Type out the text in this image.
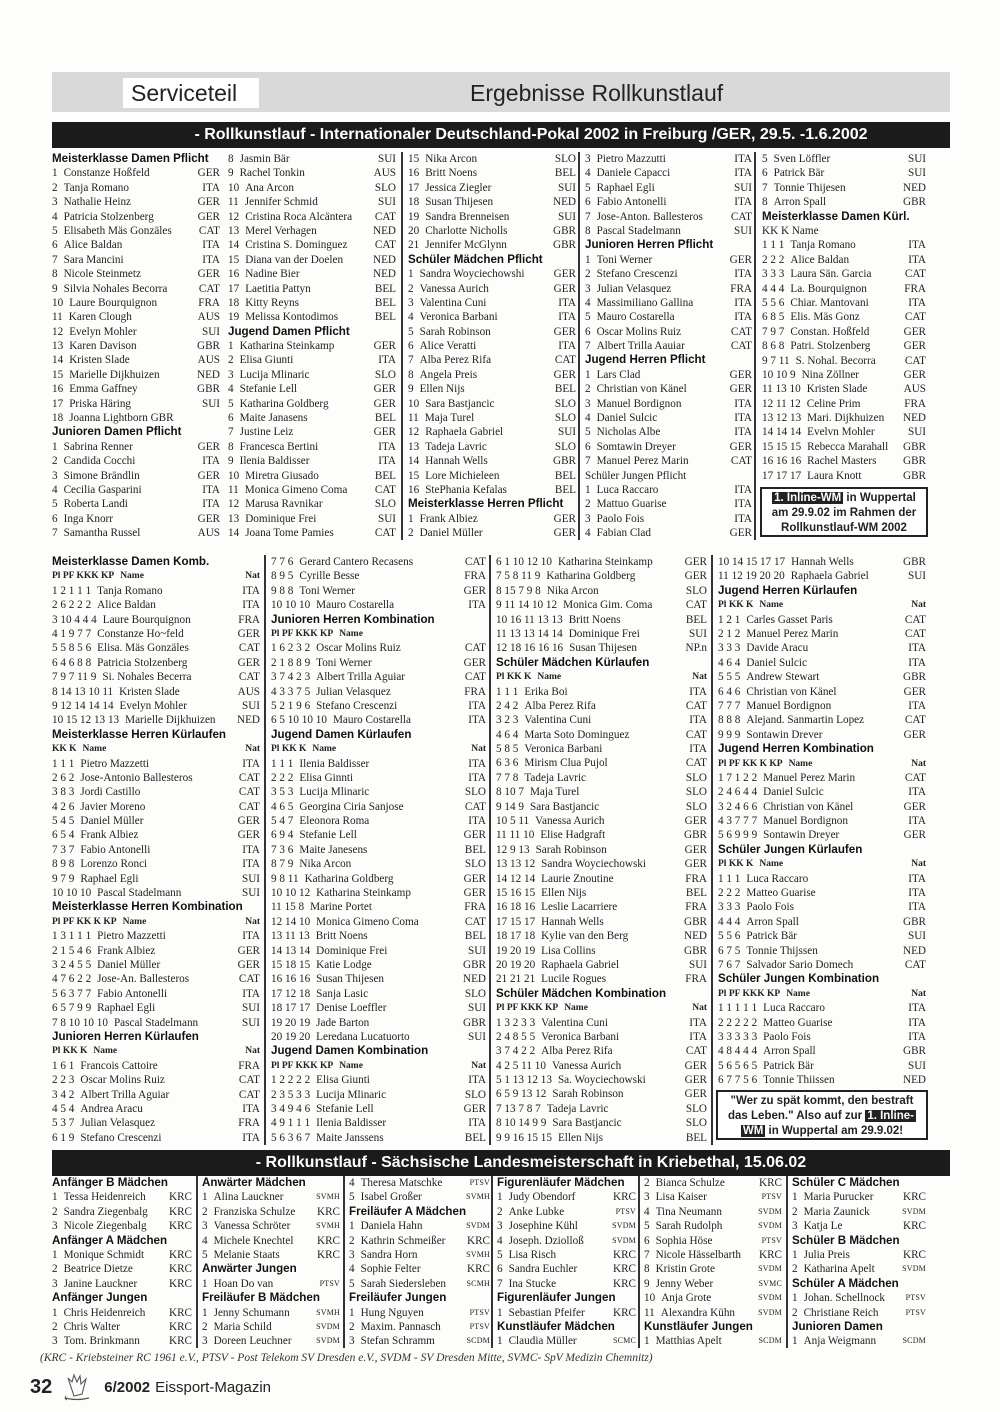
Serviceteil	Ergebnisse Rollkunstlauf
- Rollkunstlauf - Internationaler Deutschland-Pokal 2002 in Freiburg /GER, 29.5. -1.6.2002
Meisterklasse Damen Pflicht
1 Constanze Hoßfeld	GER
2 Tanja Romano	ITA
3 Nathalie Heinz	GER
4 Patricia Stolzenberg	GER
5 Elisabeth Mäs Gonzäles	CAT
6 Alice Baldan	ITA
7 Sara Mancini	ITA
8 Nicole Steinmetz	GER
9 Silvia Nohales Becorra	CAT
10 Laure Bourquignon	FRA
11 Karen Clough	AUS
12 Evelyn Mohler	SUI
13 Karen Davison	GBR
14 Kristen Slade	AUS
15 Marielle Dijkhuizen	NED
16 Emma Gaffney	GBR
17 Priska Häring	SUI
18 Joanna Lightborn GBR
Junioren Damen Pflicht
1 Sabrina Renner	GER
2 Candida Cocchi	ITA
3 Simone Brändlin	GER
4 Cecilia Gasparini	ITA
5 Roberta Landi	ITA
6 Inga Knorr	GER
7 Samantha Russel	AUS
8 Jasmin Bär	SUI
9 Rachel Tonkin	AUS
10 Ana Arcon	SLO
11 Jennifer Schmid	SUI
12 Cristina Roca Alcäntera	CAT
13 Merel Verhagen	NED
14 Cristina S. Dominguez	CAT
15 Diana van der Doelen	NED
16 Nadine Bier	NED
17 Laetitia Pattyn	BEL
18 Kitty Reyns	BEL
19 Melissa Kontodimos	BEL
Jugend Damen Pflicht
1 Katharina Steinkamp	GER
2 Elisa Giunti	ITA
3 Lucija Mlinaric	SLO
4 Stefanie Lell	GER
5 Katharina Goldberg	GER
6 Maite Janasens	BEL
7 Justine Leiz	GER
8 Francesca Bertini	ITA
9 Ilenia Baldisser	ITA
10 Miretra Giusado	BEL
11 Monica Gimeno Coma	CAT
12 Marusa Ravnikar	SLO
13 Dominique Frei	SUI
14 Joana Tome Pamies	CAT
15 Nika Arcon	SLO
16 Britt Noens	BEL
17 Jessica Ziegler	SUI
18 Susan Thijesen	NED
19 Sandra Brenneisen	SUI
20 Charlotte Nicholls	GBR
21 Jennifer McGlynn	GBR
Schüler Mädchen Pflicht
1 Sandra Woyciechowshi	GER
2 Vanessa Aurich	GER
3 Valentina Cuni	ITA
4 Veronica Barbani	ITA
5 Sarah Robinson	GER
6 Alice Veratti	ITA
7 Alba Perez Rifa	CAT
8 Angela Preis	GER
9 Ellen Nijs	BEL
10 Sara Bastjancic	SLO
11 Maja Turel	SLO
12 Raphaela Gabriel	SUI
13 Tadeja Lavric	SLO
14 Hannah Wells	GBR
15 Lore Michieleen	BEL
16 StePhania Kefalas	BEL
Meisterklasse Herren Pflicht
1 Frank Albiez	GER
2 Daniel Müller	GER
3 Pietro Mazzutti	ITA
4 Daniele Capacci	ITA
5 Raphael Egli	SUI
6 Fabio Antonelli	ITA
7 Jose-Anton. Ballesteros	CAT
8 Pascal Stadelmann	SUI
Junioren Herren Pflicht
1 Toni Werner	GER
2 Stefano Crescenzi	ITA
3 Julian Velasquez	FRA
4 Massimiliano Gallina	ITA
5 Mauro Costarella	ITA
6 Oscar Molins Ruiz	CAT
7 Albert Trilla Aauiar	CAT
Jugend Herren Pflicht
1 Lars Clad	GER
2 Christian von Känel	GER
3 Manuel Bordignon	ITA
4 Daniel Sulcic	ITA
5 Nicholas Albe	ITA
6 Somtawin Dreyer	GER
7 Manuel Perez Marin	CAT
Schüler Jungen Pflicht
1 Luca Raccaro	ITA
2 Mattuo Guarise	ITA
3 Paolo Fois	ITA
4 Fabian Clad	GER
5 Sven Löffler	SUI
6 Patrick Bär	SUI
7 Tonnie Thijesen	NED
8 Arron Spall	GBR
Meisterklasse Damen Kürl.
KK K Name
1 1 1 Tanja Romano	ITA
2 2 2 Alice Baldan	ITA
3 3 3 Laura Sän. Garcia	CAT
4 4 4 La. Bourquignon	FRA
5 5 6 Chiar. Mantovani	ITA
6 8 5 Elis. Mäs Gonz	CAT
7 9 7 Constan. Hoßfeld	GER
8 6 8 Patri. Stolzenberg	GER
9 7 11 S. Nohal. Becorra	CAT
10 10 9 Nina Zöllner	GER
11 13 10 Kristen Slade	AUS
12 11 12 Celine Prim	FRA
13 12 13 Mari. Dijkhuizen	NED
14 14 14 Evelvn Mohler	SUI
15 15 15 Rebecca Marahall	GBR
16 16 16 Rachel Masters	GBR
17 17 17 Laura Knott	GBR
1. Inline-WM in Wuppertal
am 29.9.02 im Rahmen der
Rollkunstlauf-WM 2002
Meisterklasse Damen Komb.
Pl PF KKK KP Name	Nat
1 2 1 1 1 Tanja Romano	ITA
2 6 2 2 2 Alice Baldan	ITA
3 10 4 4 4 Laure Bourquignon	FRA
4 1 9 7 7 Constanze Ho~feld	GER
5 5 8 5 6 Elisa. Mäs Gonzäles	CAT
6 4 6 8 8 Patricia Stolzenberg	GER
7 9 7 11 9 Si. Nohales Becerra	CAT
8 14 13 10 11 Kristen Slade	AUS
9 12 14 14 14 Evelyn Mohler	SUI
10 15 12 13 13 Marielle Dijkhuizen	NED
Meisterklasse Herren Kürlaufen
KK K Name	Nat
1 1 1 Pietro Mazzetti	ITA
2 6 2 Jose-Antonio Ballesteros	CAT
3 8 3 Jordi Castillo	CAT
4 2 6 Javier Moreno	CAT
5 4 5 Daniel Müller	GER
6 5 4 Frank Albiez	GER
7 3 7 Fabio Antonelli	ITA
8 9 8 Lorenzo Ronci	ITA
9 7 9 Raphael Egli	SUI
10 10 10 Pascal Stadelmann	SUI
Meisterklasse Herren Kombination
Pl PF KK K KP Name	Nat
1 3 1 1 1 Pietro Mazzetti	ITA
2 1 5 4 6 Frank Albiez	GER
3 2 4 5 5 Daniel Müller	GER
4 7 6 2 2 Jose-An. Ballesteros	CAT
5 6 3 7 7 Fabio Antonelli	ITA
6 5 7 9 9 Raphael Egli	SUI
7 8 10 10 10 Pascal Stadelmann	SUI
Junioren Herren Kürlaufen
Pl KK K Name	Nat
1 6 1 Francois Cattoire	FRA
2 2 3 Oscar Molins Ruiz	CAT
3 4 2 Albert Trilla Aguiar	CAT
4 5 4 Andrea Aracu	ITA
5 3 7 Julian Velasquez	FRA
6 1 9 Stefano Crescenzi	ITA
7 7 6 Gerard Cantero Recasens	CAT
8 9 5 Cyrille Besse	FRA
9 8 8 Toni Werner	GER
10 10 10 Mauro Costarella	ITA
Junioren Herren Kombination
Pl PF KKK KP Name
1 6 2 3 2 Oscar Molins Ruiz	CAT
2 1 8 8 9 Toni Werner	GER
3 7 4 2 3 Albert Trilla Aguiar	CAT
4 3 3 7 5 Julian Velasquez	FRA
5 2 1 9 6 Stefano Crescenzi	ITA
6 5 10 10 10 Mauro Costarella	ITA
Jugend Damen Kürlaufen
Pl KK K Name	Nat
1 1 1 Ilenia Baldisser	ITA
2 2 2 Elisa Ginnti	ITA
3 5 3 Lucija Mlinaric	SLO
4 6 5 Georgina Ciria Sanjose	CAT
5 4 7 Eleonora Roma	ITA
6 9 4 Stefanie Lell	GER
7 3 6 Maite Janesens	BEL
8 7 9 Nika Arcon	SLO
9 8 11 Katharina Goldberg	GER
10 10 12 Katharina Steinkamp	GER
11 15 8 Marine Portet	FRA
12 14 10 Monica Gimeno Coma	CAT
13 11 13 Britt Noens	BEL
14 13 14 Dominique Frei	SUI
15 18 15 Katie Lodge	GBR
16 16 16 Susan Thijesen	NED
17 12 18 Sanja Lasic	SLO
18 17 17 Denise Loeffler	SUI
19 20 19 Jade Barton	GBR
20 19 20 Leredana Lucatuorto	SUI
Jugend Damen Kombination
Pl PF KKK KP Name	Nat
1 2 2 2 2 Elisa Giunti	ITA
2 3 5 3 3 Lucija Mlinaric	SLO
3 4 9 4 6 Stefanie Lell	GER
4 9 1 1 1 Ilenia Baldisser	ITA
5 6 3 6 7 Maite Janssens	BEL
6 1 10 12 10 Katharina Steinkamp	GER
7 5 8 11 9 Katharina Goldberg	GER
8 15 7 9 8 Nika Arcon	SLO
9 11 14 10 12 Monica Gim. Coma	CAT
10 16 11 13 13 Britt Noens	BEL
11 13 13 14 14 Dominique Frei	SUI
12 18 16 16 16 Susan Thijesen	NP.n
Schüler Mädchen Kürlaufen
Pl KK K Name	Nat
1 1 1 Erika Boi	ITA
2 4 2 Alba Perez Rifa	CAT
3 2 3 Valentina Cuni	ITA
4 6 4 Marta Soto Dominguez	CAT
5 8 5 Veronica Barbani	ITA
6 3 6 Mirism Clua Pujol	CAT
7 7 8 Tadeja Lavric	SLO
8 10 7 Maja Turel	SLO
9 14 9 Sara Bastjancic	SLO
10 5 11 Vanessa Aurich	GER
11 11 10 Elise Hadgraft	GBR
12 9 13 Sarah Robinson	GER
13 13 12 Sandra Woyciechowski	GER
14 12 14 Laurie Znoutine	FRA
15 16 15 Ellen Nijs	BEL
16 18 16 Leslie Lacarriere	FRA
17 15 17 Hannah Wells	GBR
18 17 18 Kylie van den Berg	NED
19 20 19 Lisa Collins	GBR
20 19 20 Raphaela Gabriel	SUI
21 21 21 Lucile Rogues	FRA
Schüler Mädchen Kombination
Pl PF KKK KP Name	Nat
1 3 2 3 3 Valentina Cuni	ITA
2 4 8 5 5 Veronica Barbani	ITA
3 7 4 2 2 Alba Perez Rifa	CAT
4 2 5 11 10 Vanessa Aurich	GER
5 1 13 12 13 Sa. Woyciechowski	GER
6 5 9 13 12 Sarah Robinson	GER
7 13 7 8 7 Tadeja Lavric	SLO
8 10 14 9 9 Sara Bastjancic	SLO
9 9 16 15 15 Ellen Nijs	BEL
10 14 15 17 17 Hannah Wells	GBR
11 12 19 20 20 Raphaela Gabriel	SUI
Jugend Herren Kürlaufen
Pl KK K Name	Nat
1 2 1 Carles Gasset Paris	CAT
2 1 2 Manuel Perez Marin	CAT
3 3 3 Davide Aracu	ITA
4 6 4 Daniel Sulcic	ITA
5 5 5 Andrew Stewart	GBR
6 4 6 Christian von Känel	GER
7 7 7 Manuel Bordignon	ITA
8 8 8 Alejand. Sanmartin Lopez	CAT
9 9 9 Sontawin Drever	GER
Jugend Herren Kombination
Pl PF KK K KP Name	Nat
1 7 1 2 2 Manuel Perez Marin	CAT
2 4 6 4 4 Daniel Sulcic	ITA
3 2 4 6 6 Christian von Känel	GER
4 3 7 7 7 Manuel Bordignon	ITA
5 6 9 9 9 Sontawin Dreyer	GER
Schüler Jungen Kürlaufen
Pl KK K Name	Nat
1 1 1 Luca Raccaro	ITA
2 2 2 Matteo Guarise	ITA
3 3 3 Paolo Fois	ITA
4 4 4 Arron Spall	GBR
5 5 6 Patrick Bär	SUI
6 7 5 Tonnie Thijssen	NED
7 6 7 Salvador Sario Domech	CAT
Schüler Jungen Kombination
Pl PF KKK KP Name	Nat
1 1 1 1 1 Luca Raccaro	ITA
2 2 2 2 2 Matteo Guarise	ITA
3 3 3 3 3 Paolo Fois	ITA
4 8 4 4 4 Arron Spall	GBR
5 6 5 6 5 Patrick Bär	SUI
6 7 7 5 6 Tonnie Thiissen	NED
"Wer zu spät kommt, den bestraft
das Leben." Also auf zur 1. Inline-
WM in Wuppertal am 29.9.02!
- Rollkunstlauf - Sächsische Landesmeisterschaft in Kriebethal, 15.06.02
Anfänger B Mädchen
1 Tessa Heidenreich	KRC
2 Sandra Ziegenbalg	KRC
3 Nicole Ziegenbalg	KRC
Anfänger A Mädchen
1 Monique Schmidt	KRC
2 Beatrice Dietze	KRC
3 Janine Lauckner	KRC
Anfänger Jungen
1 Chris Heidenreich	KRC
2 Chris Walter	KRC
3 Tom. Brinkmann	KRC
Anwärter Mädchen
1 Alina Lauckner	SVMH
2 Franziska Schulze	KRC
3 Vanessa Schröter	SVMH
4 Michele Knechtel	KRC
5 Melanie Staats	KRC
Anwärter Jungen
1 Hoan Do van	PTSV
Freiläufer B Mädchen
1 Jenny Schumann	SVMH
2 Maria Schild	SVDM
3 Doreen Leuchner	SVDM
4 Theresa Matschke	PTSV
5 Isabel Großer	SVMH
Freiläufer A Mädchen
1 Daniela Hahn	SVDM
2 Kathrin Schmeißer	KRC
3 Sandra Horn	SVMH
4 Sophie Felter	KRC
5 Sarah Siedersleben	SCMH
Freiläufer Jungen
1 Hung Nguyen	PTSV
2 Maxim. Pannasch	PTSV
3 Stefan Schramm	SCDM
Figurenläufer Mädchen
1 Judy Obendorf	KRC
2 Anke Lubke	PTSV
3 Josephine Kühl	SVDM
4 Joseph. Dziolloß	SVDM
5 Lisa Risch	KRC
6 Sandra Euchler	KRC
7 Ina Stucke	KRC
Figurenläufer Jungen
1 Sebastian Pfeifer	KRC
Kunstläufer Mädchen
1 Claudia Müller	SCMC
2 Bianca Schulze	KRC
3 Lisa Kaiser	PTSV
4 Tina Neumann	SVDM
5 Sarah Rudolph	SVDM
6 Sophia Höse	PTSV
7 Nicole Hässelbarth	KRC
8 Kristin Grote	SVDM
9 Jenny Weber	SVMC
10 Anja Grote	SVDM
11 Alexandra Kühn	SVDM
Kunstläufer Jungen
1 Matthias Apelt	SCDM
Schüler C Mädchen
1 Maria Purucker	KRC
2 Maria Zaunick	SVDM
3 Katja Le	KRC
Schüler B Mädchen
1 Julia Preis	KRC
2 Katharina Apelt	SVDM
Schüler A Mädchen
1 Johan. Schellnock	PTSV
2 Christiane Reich	PTSV
Junioren Damen
1 Anja Weigmann	SCDM
(KRC - Kriebsteiner RC 1961 e.V., PTSV - Post Telekom SV Dresden e.V., SVDM - SV Dresden Mitte, SVMC- SpV Medizin Chemnitz)
32	6/2002 Eissport-Magazin
